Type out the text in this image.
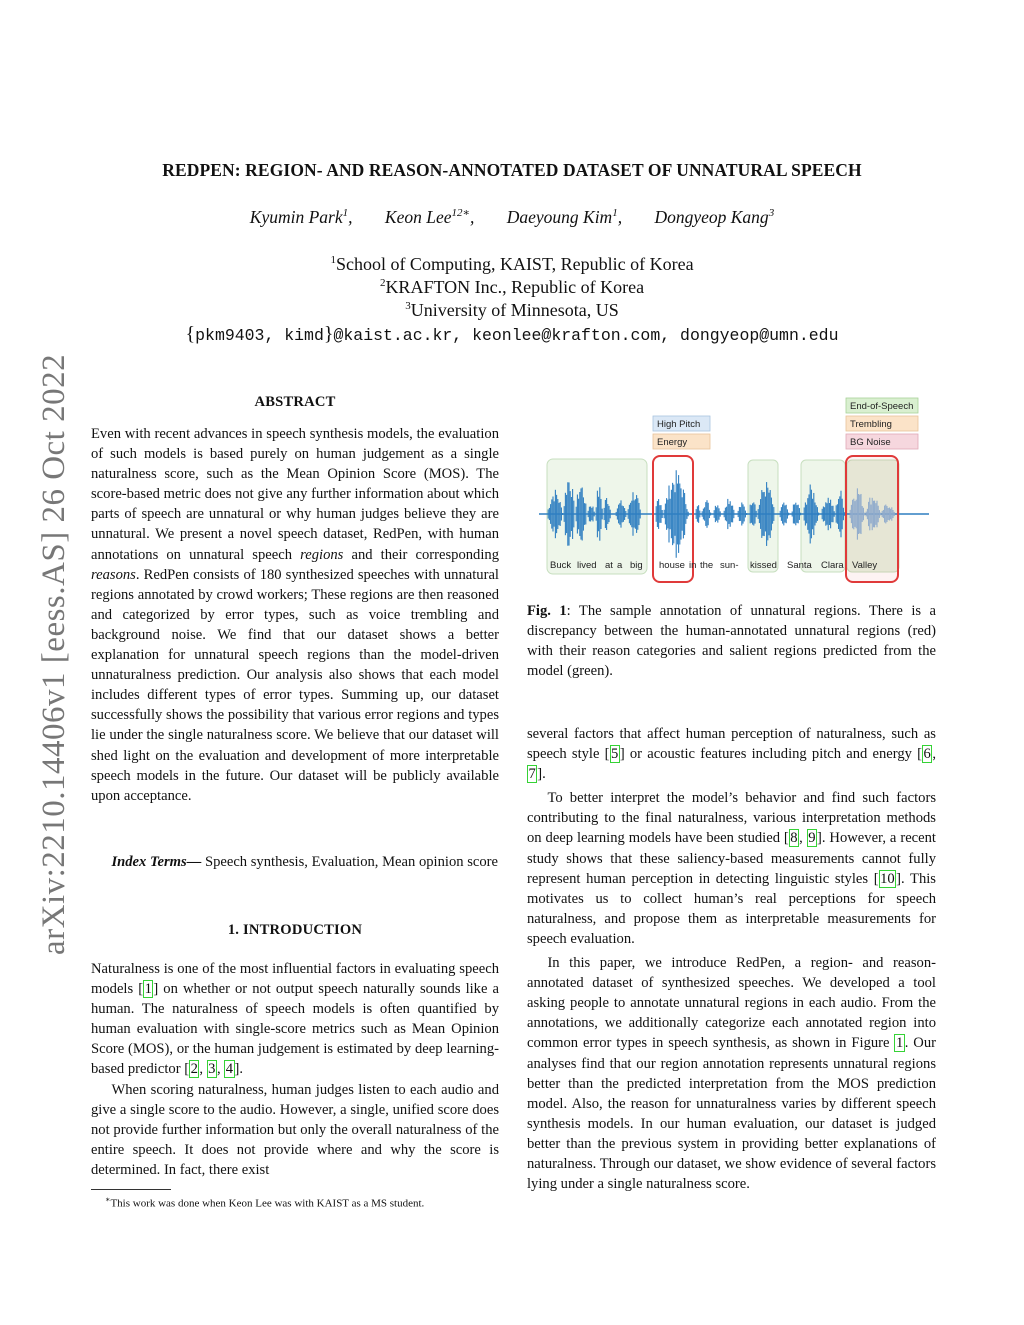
REDPEN: REGION- AND REASON-ANNOTATED DATASET OF UNNATURAL SPEECH
Kyumin Park$^1$, Keon Lee$^{12∗}$, Daeyoung Kim$^1$, Dongyeop Kang$^3$
$^1$School of Computing, KAIST, Republic of Korea
$^2$KRAFTON Inc., Republic of Korea
$^3$University of Minnesota, US
{pkm9403, kimd}@kaist.ac.kr, keonlee@krafton.com, dongyeop@umn.edu
arXiv:2210.14406v1 [eess.AS] 26 Oct 2022	ABSTRACT

Even with recent advances in speech synthesis models, the evaluation of such models is based purely on human judgement as a single naturalness score, such as the Mean Opinion Score (MOS). The score-based metric does not give any further information about which parts of speech are unnatural or why human judges believe they are unnatural. We present a novel speech dataset, RedPen, with human annotations on unnatural speech regions and their corresponding reasons. RedPen consists of 180 synthesized speeches with unnatural regions annotated by crowd workers; These regions are then reasoned and categorized by error types, such as voice trembling and background noise. We find that our dataset shows a better explanation for unnatural speech regions than the model-driven unnaturalness prediction. Our analysis also shows that each model includes different types of error types. Summing up, our dataset successfully shows the possibility that various error regions and types lie under the single naturalness score. We believe that our dataset will shed light on the evaluation and development of more interpretable speech models in the future. Our dataset will be publicly available upon acceptance.

Index Terms— Speech synthesis, Evaluation, Mean opinion score

1. INTRODUCTION

Naturalness is one of the most influential factors in evaluating speech models [ 1 ] on whether or not output speech naturally sounds like a human. The naturalness of speech models is often quantified by human evaluation with single-score metrics such as Mean Opinion Score (MOS), or the human judgement is estimated by deep learning-based predictor [ 2 , 3 , 4 ].

When scoring naturalness, human judges listen to each audio and give a single score to the audio. However, a single, unified score does not provide further information but only the overall naturalness of the entire speech. It does not provide where and why the score is determined. In fact, there exist

∗This work was done when Keon Lee was with KAIST as a MS student.
High Pitch
Energy
End-of-Speech
Trembling
BG Noise
Buck lived at a big house in the sun- kissed Santa Clara Valley
Fig. 1: The sample annotation of unnatural regions. There is a discrepancy between the human-annotated unnatural regions (red) with their reason categories and salient regions predicted from the model (green).

several factors that affect human perception of naturalness, such as speech style [ 5 ] or acoustic features including pitch and energy [ 6 , 7 ].

To better interpret the model’s behavior and find such factors contributing to the final naturalness, various interpretation methods on deep learning models have been studied [ 8 , 9 ]. However, a recent study shows that these saliency-based measurements cannot fully represent human perception in detecting linguistic styles [ 10 ]. This motivates us to collect human’s real perceptions for speech naturalness, and propose them as interpretable measurements for speech evaluation.

In this paper, we introduce RedPen, a region- and reason-annotated dataset of synthesized speeches. We developed a tool asking people to annotate unnatural regions in each audio. From the annotations, we additionally categorize each annotated region into common error types in speech synthesis, as shown in Figure 1 . Our analyses find that our region annotation represents unnatural regions better than the predicted interpretation from the MOS prediction model. Also, the reason for unnaturalness varies by different speech synthesis models. In our human evaluation, our dataset is judged better than the previous system in providing better explanations of naturalness. Through our dataset, we show evidence of several factors lying under a single naturalness score.
